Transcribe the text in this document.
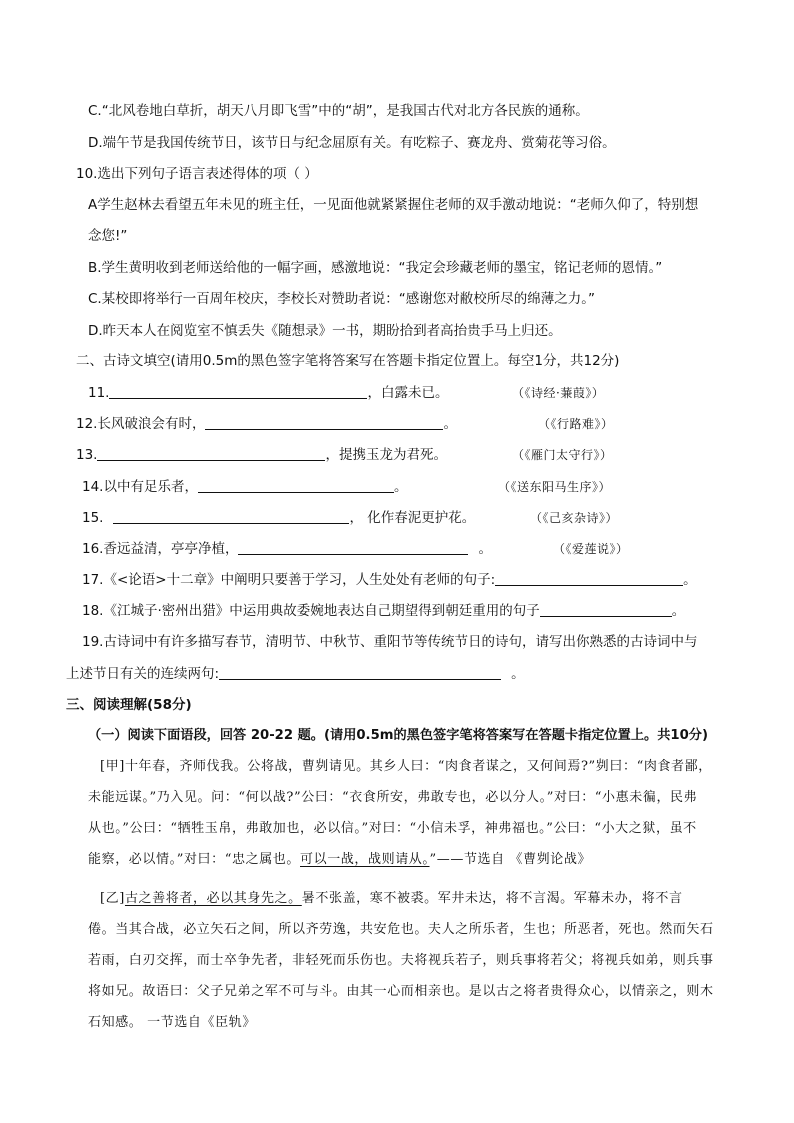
C.“北风卷地白草折，胡天八月即飞雪”中的“胡”，是我国古代对北方各民族的通称。
D.端午节是我国传统节日，该节日与纪念屈原有关。有吃粽子、赛龙舟、赏菊花等习俗。
10.选出下列句子语言表述得体的项（ ）
A学生赵林去看望五年未见的班主任，一见面他就紧紧握住老师的双手激动地说：“老师久仰了，特别想
念您!”
B.学生黄明收到老师送给他的一幅字画，感激地说：“我定会珍藏老师的墨宝，铭记老师的恩情。”
C.某校即将举行一百周年校庆，李校长对赞助者说：“感谢您对敝校所尽的绵薄之力。”
D.昨天本人在阅览室不慎丢失《随想录》一书，期盼拾到者高抬贵手马上归还。
二、古诗文填空(请用0.5m的黑色签字笔将答案写在答题卡指定位置上。每空1分，共12分)
11.	，白露未已。	（《诗经·蒹葭》）
12.长风破浪会有时，	。	（《行路难》）
13.	，提携玉龙为君死。	（《雁门太守行》）
14.以中有足乐者，	。	（《送东阳马生序》）
15.	， 化作春泥更护花。	（《己亥杂诗》）
16.香远益清，亭亭净植，	。	（《爱莲说》）
17.《<论语>十二章》中阐明只要善于学习，人生处处有老师的句子:	。
18.《江城子·密州出猎》中运用典故委婉地表达自己期望得到朝廷重用的句子	。
19.古诗词中有许多描写春节，清明节、中秋节、重阳节等传统节日的诗句，请写出你熟悉的古诗词中与
上述节日有关的连续两句:	。
三、阅读理解(58分)
（一）阅读下面语段，回答 20-22 题。(请用0.5m的黑色签字笔将答案写在答题卡指定位置上。共10分)
[甲]十年春，齐师伐我。公将战，曹刿请见。其乡人曰：“肉食者谋之，又何间焉?”刿曰：“肉食者鄙，
未能远谋。”乃入见。问：“何以战?”公曰：“衣食所安，弗敢专也，必以分人。”对曰：“小惠未徧，民弗
从也。”公曰：“牺牲玉帛，弗敢加也，必以信。”对曰：“小信未孚，神弗福也。”公曰：“小大之狱，虽不
能察，必以情。”对曰：“忠之属也。可以一战，战则请从。”——节选自 《曹刿论战》
[乙]古之善将者，必以其身先之。暑不张盖，寒不被裘。军井未达，将不言渴。军幕未办，将不言
倦。当其合战，必立矢石之间，所以齐劳逸，共安危也。夫人之所乐者，生也；所恶者，死也。然而矢石
若雨，白刃交挥，而士卒争先者，非轻死而乐伤也。夫将视兵若子，则兵事将若父；将视兵如弟，则兵事
将如兄。故语曰：父子兄弟之军不可与斗。由其一心而相亲也。是以古之将者贵得众心，以情亲之，则木
石知感。 一节选自《臣轨》
